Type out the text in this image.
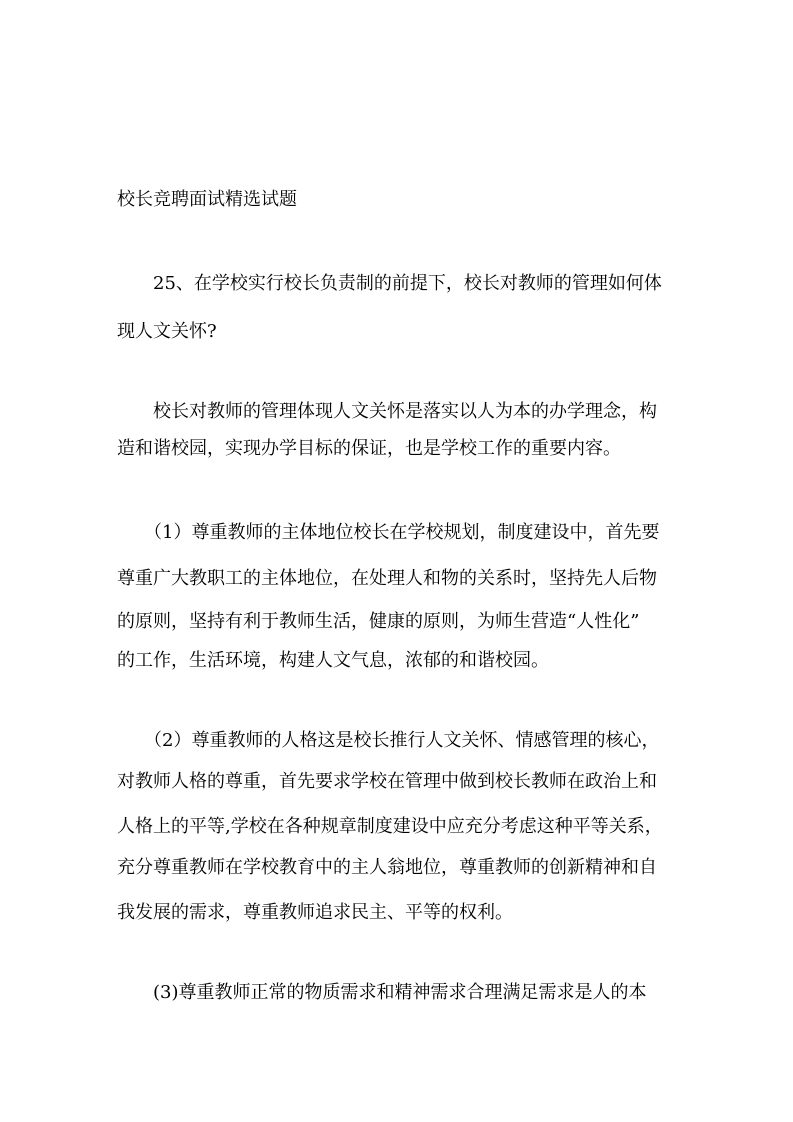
校长竞聘面试精选试题

　　25、在学校实行校长负责制的前提下，校长对教师的管理如何体

现人文关怀?

　　校长对教师的管理体现人文关怀是落实以人为本的办学理念，构

造和谐校园，实现办学目标的保证，也是学校工作的重要内容。

　　（1）尊重教师的主体地位校长在学校规划，制度建设中，首先要

尊重广大教职工的主体地位，在处理人和物的关系时，坚持先人后物

的原则，坚持有利于教师生活，健康的原则，为师生营造“人性化”

的工作，生活环境，构建人文气息，浓郁的和谐校园。

　　（2）尊重教师的人格这是校长推行人文关怀、情感管理的核心，

对教师人格的尊重，首先要求学校在管理中做到校长教师在政治上和

人格上的平等,学校在各种规章制度建设中应充分考虑这种平等关系，

充分尊重教师在学校教育中的主人翁地位，尊重教师的创新精神和自

我发展的需求，尊重教师追求民主、平等的权利。

　　(3)尊重教师正常的物质需求和精神需求合理满足需求是人的本
